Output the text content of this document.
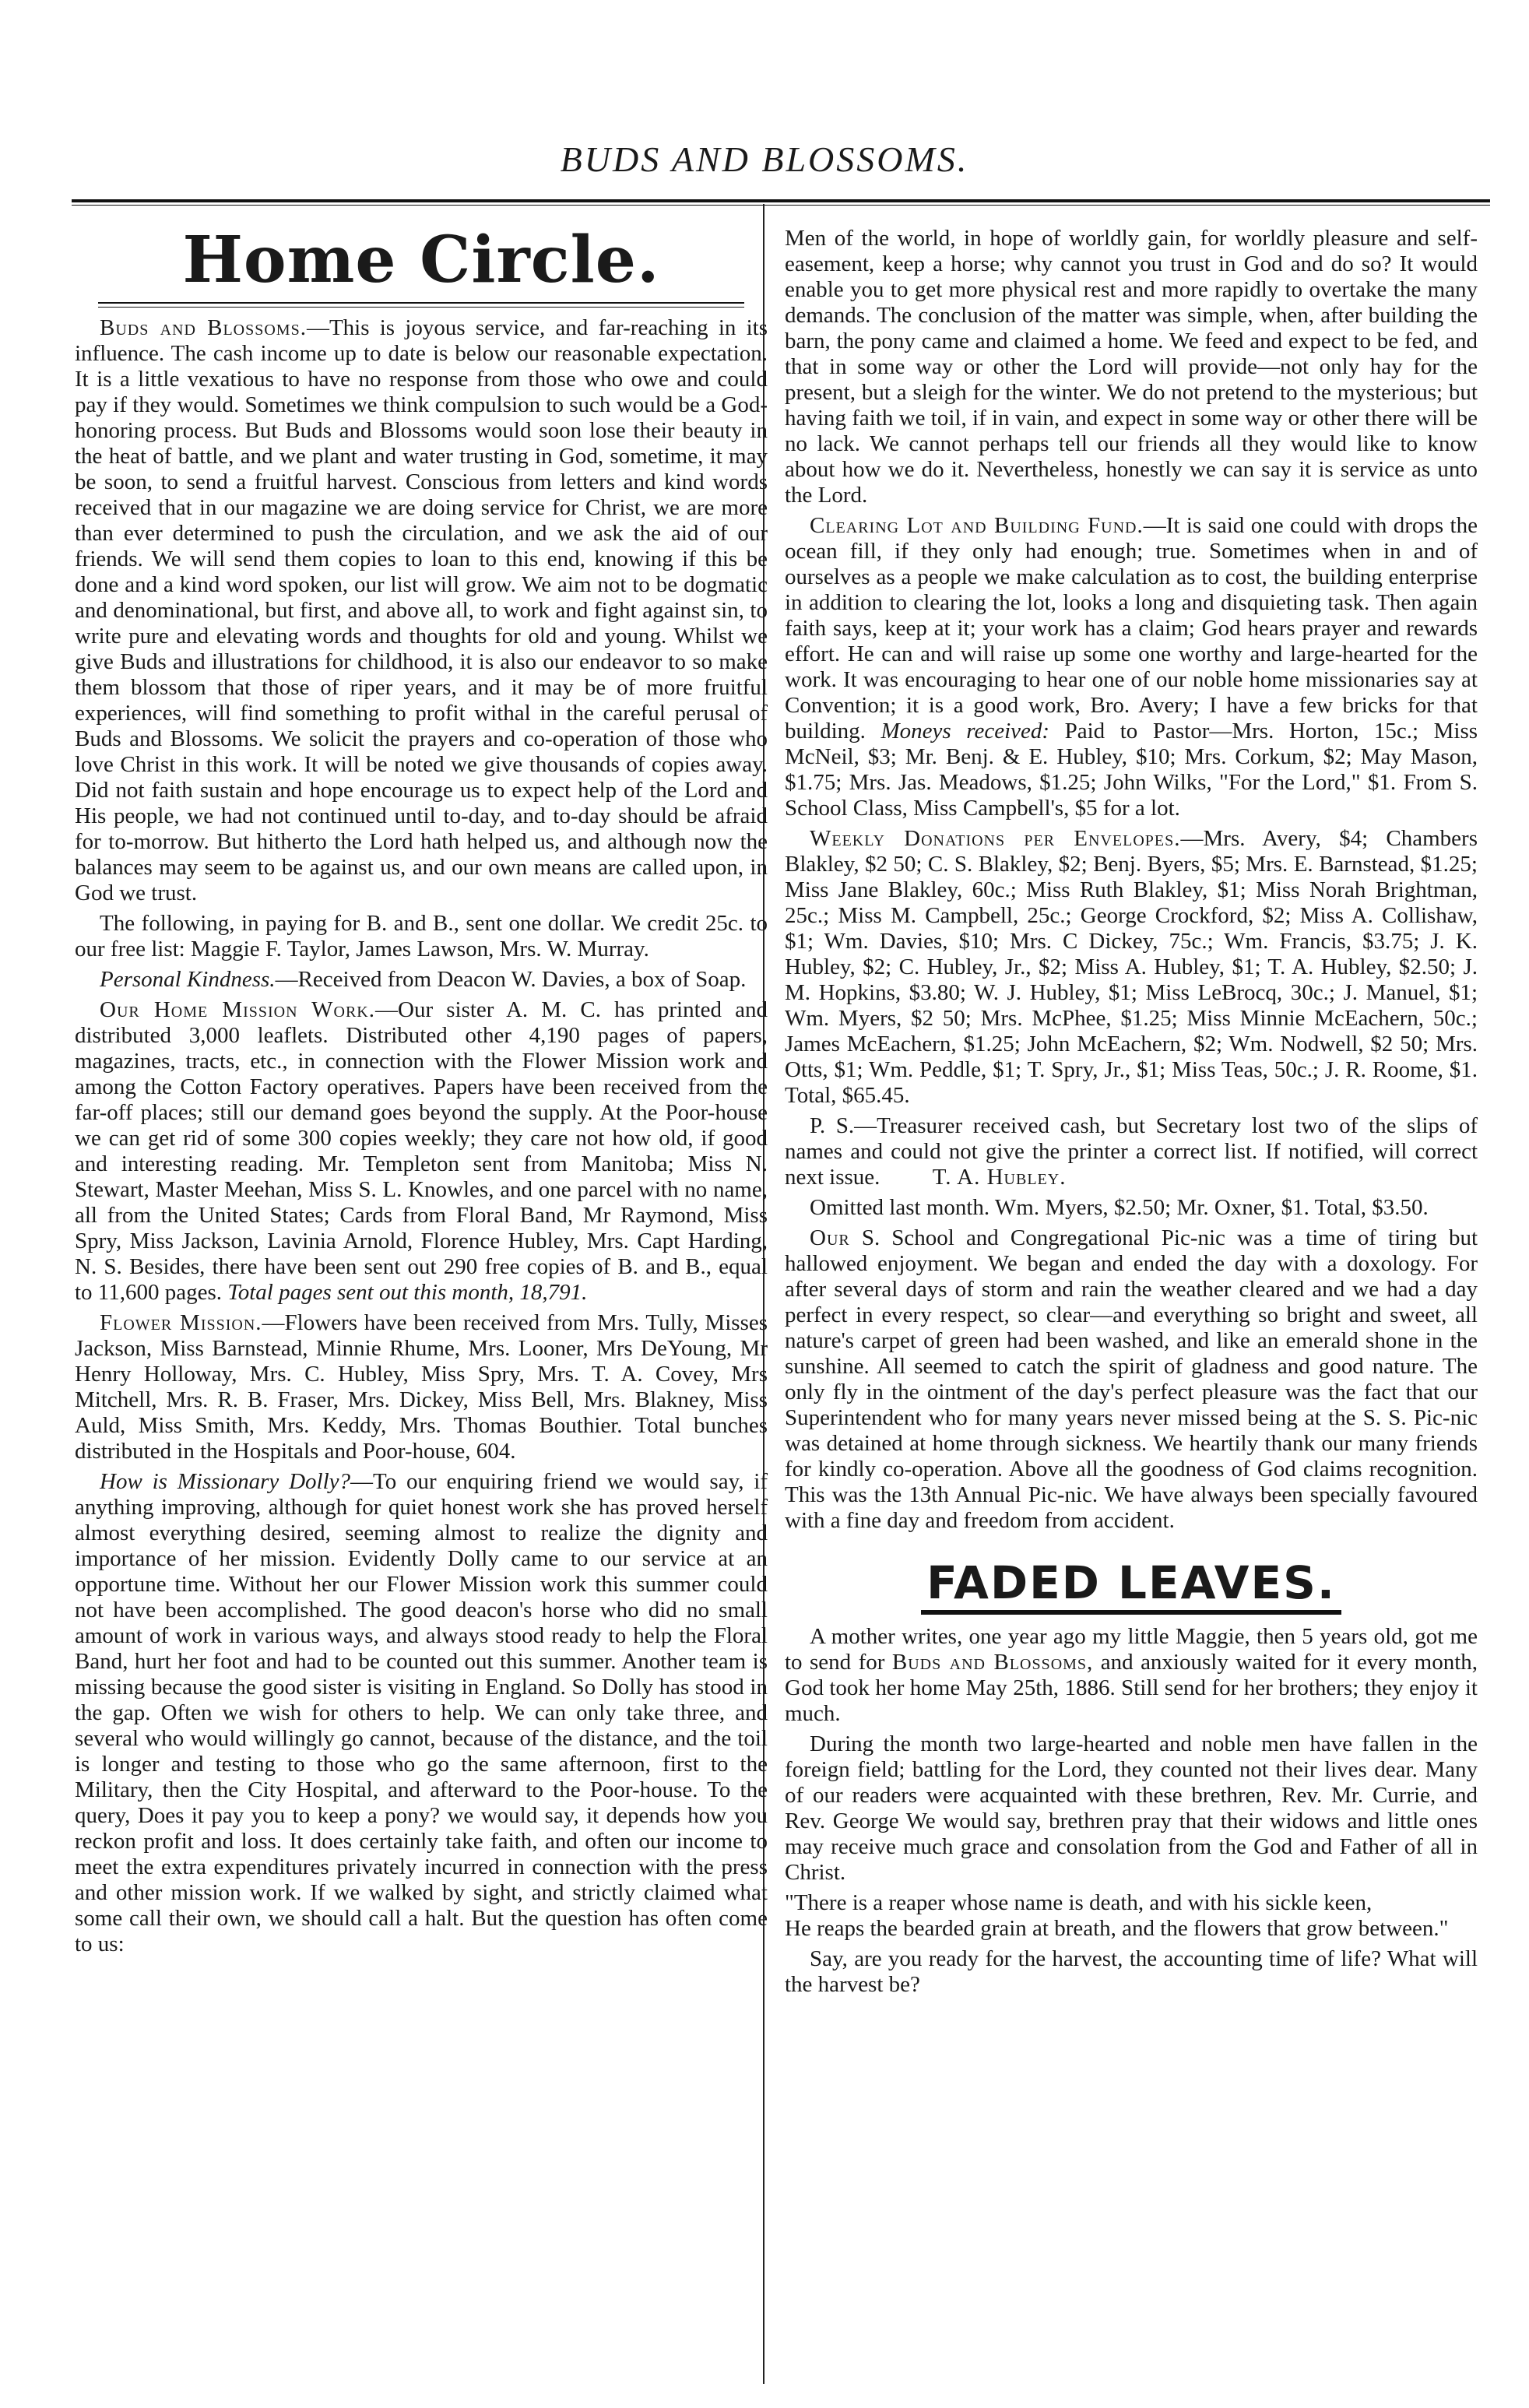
BUDS AND BLOSSOMS.
Home Circle.

Buds and Blossoms.—This is joyous service, and far-reaching in its influence. The cash income up to date is below our reasonable expectation. It is a little vexatious to have no response from those who owe and could pay if they would. Sometimes we think compulsion to such would be a God-honoring process. But Buds and Blossoms would soon lose their beauty in the heat of battle, and we plant and water trusting in God, sometime, it may be soon, to send a fruitful harvest. Conscious from letters and kind words received that in our magazine we are doing service for Christ, we are more than ever determined to push the circulation, and we ask the aid of our friends. We will send them copies to loan to this end, knowing if this be done and a kind word spoken, our list will grow. We aim not to be dogmatic and denominational, but first, and above all, to work and fight against sin, to write pure and elevating words and thoughts for old and young. Whilst we give Buds and illustrations for childhood, it is also our endeavor to so make them blossom that those of riper years, and it may be of more fruitful experiences, will find something to profit withal in the careful perusal of Buds and Blossoms. We solicit the prayers and co-operation of those who love Christ in this work. It will be noted we give thousands of copies away. Did not faith sustain and hope encourage us to expect help of the Lord and His people, we had not continued until to-day, and to-day should be afraid for to-morrow. But hitherto the Lord hath helped us, and although now the balances may seem to be against us, and our own means are called upon, in God we trust.

The following, in paying for B. and B., sent one dollar. We credit 25c. to our free list: Maggie F. Taylor, James Lawson, Mrs. W. Murray.

Personal Kindness.—Received from Deacon W. Davies, a box of Soap.

Our Home Mission Work.—Our sister A. M. C. has printed and distributed 3,000 leaflets. Distributed other 4,190 pages of papers, magazines, tracts, etc., in connection with the Flower Mission work and among the Cotton Factory operatives. Papers have been received from the far-off places; still our demand goes beyond the supply. At the Poor-house we can get rid of some 300 copies weekly; they care not how old, if good and interesting reading. Mr. Templeton sent from Manitoba; Miss N. Stewart, Master Meehan, Miss S. L. Knowles, and one parcel with no name, all from the United States; Cards from Floral Band, Mr Raymond, Miss Spry, Miss Jackson, Lavinia Arnold, Florence Hubley, Mrs. Capt Harding, N. S. Besides, there have been sent out 290 free copies of B. and B., equal to 11,600 pages. Total pages sent out this month, 18,791.

Flower Mission.—Flowers have been received from Mrs. Tully, Misses Jackson, Miss Barnstead, Minnie Rhume, Mrs. Looner, Mrs DeYoung, Mr Henry Holloway, Mrs. C. Hubley, Miss Spry, Mrs. T. A. Covey, Mrs Mitchell, Mrs. R. B. Fraser, Mrs. Dickey, Miss Bell, Mrs. Blakney, Miss Auld, Miss Smith, Mrs. Keddy, Mrs. Thomas Bouthier. Total bunches distributed in the Hospitals and Poor-house, 604.

How is Missionary Dolly?—To our enquiring friend we would say, if anything improving, although for quiet honest work she has proved herself almost everything desired, seeming almost to realize the dignity and importance of her mission. Evidently Dolly came to our service at an opportune time. Without her our Flower Mission work this summer could not have been accomplished. The good deacon's horse who did no small amount of work in various ways, and always stood ready to help the Floral Band, hurt her foot and had to be counted out this summer. Another team is missing because the good sister is visiting in England. So Dolly has stood in the gap. Often we wish for others to help. We can only take three, and several who would willingly go cannot, because of the distance, and the toil is longer and testing to those who go the same afternoon, first to the Military, then the City Hospital, and afterward to the Poor-house. To the query, Does it pay you to keep a pony? we would say, it depends how you reckon profit and loss. It does certainly take faith, and often our income to meet the extra expenditures privately incurred in connection with the press and other mission work. If we walked by sight, and strictly claimed what some call their own, we should call a halt. But the question has often come to us:

Men of the world, in hope of worldly gain, for worldly pleasure and self-easement, keep a horse; why cannot you trust in God and do so? It would enable you to get more physical rest and more rapidly to overtake the many demands. The conclusion of the matter was simple, when, after building the barn, the pony came and claimed a home. We feed and expect to be fed, and that in some way or other the Lord will provide—not only hay for the present, but a sleigh for the winter. We do not pretend to the mysterious; but having faith we toil, if in vain, and expect in some way or other there will be no lack. We cannot perhaps tell our friends all they would like to know about how we do it. Nevertheless, honestly we can say it is service as unto the Lord.

Clearing Lot and Building Fund.—It is said one could with drops the ocean fill, if they only had enough; true. Sometimes when in and of ourselves as a people we make calculation as to cost, the building enterprise in addition to clearing the lot, looks a long and disquieting task. Then again faith says, keep at it; your work has a claim; God hears prayer and rewards effort. He can and will raise up some one worthy and large-hearted for the work. It was encouraging to hear one of our noble home missionaries say at Convention; it is a good work, Bro. Avery; I have a few bricks for that building. Moneys received: Paid to Pastor—Mrs. Horton, 15c.; Miss McNeil, $3; Mr. Benj. & E. Hubley, $10; Mrs. Corkum, $2; May Mason, $1.75; Mrs. Jas. Meadows, $1.25; John Wilks, "For the Lord," $1. From S. School Class, Miss Campbell's, $5 for a lot.

Weekly Donations per Envelopes.—Mrs. Avery, $4; Chambers Blakley, $2 50; C. S. Blakley, $2; Benj. Byers, $5; Mrs. E. Barnstead, $1.25; Miss Jane Blakley, 60c.; Miss Ruth Blakley, $1; Miss Norah Brightman, 25c.; Miss M. Campbell, 25c.; George Crockford, $2; Miss A. Collishaw, $1; Wm. Davies, $10; Mrs. C Dickey, 75c.; Wm. Francis, $3.75; J. K. Hubley, $2; C. Hubley, Jr., $2; Miss A. Hubley, $1; T. A. Hubley, $2.50; J. M. Hopkins, $3.80; W. J. Hubley, $1; Miss LeBrocq, 30c.; J. Manuel, $1; Wm. Myers, $2 50; Mrs. McPhee, $1.25; Miss Minnie McEachern, 50c.; James McEachern, $1.25; John McEachern, $2; Wm. Nodwell, $2 50; Mrs. Otts, $1; Wm. Peddle, $1; T. Spry, Jr., $1; Miss Teas, 50c.; J. R. Roome, $1. Total, $65.45.

P. S.—Treasurer received cash, but Secretary lost two of the slips of names and could not give the printer a correct list. If notified, will correct next issue. T. A. Hubley.

Omitted last month. Wm. Myers, $2.50; Mr. Oxner, $1. Total, $3.50.

Our S. School and Congregational Pic-nic was a time of tiring but hallowed enjoyment. We began and ended the day with a doxology. For after several days of storm and rain the weather cleared and we had a day perfect in every respect, so clear—and everything so bright and sweet, all nature's carpet of green had been washed, and like an emerald shone in the sunshine. All seemed to catch the spirit of gladness and good nature. The only fly in the ointment of the day's perfect pleasure was the fact that our Superintendent who for many years never missed being at the S. S. Pic-nic was detained at home through sickness. We heartily thank our many friends for kindly co-operation. Above all the goodness of God claims recognition. This was the 13th Annual Pic-nic. We have always been specially favoured with a fine day and freedom from accident.

FADED LEAVES.

A mother writes, one year ago my little Maggie, then 5 years old, got me to send for Buds and Blossoms, and anxiously waited for it every month, God took her home May 25th, 1886. Still send for her brothers; they enjoy it much.

During the month two large-hearted and noble men have fallen in the foreign field; battling for the Lord, they counted not their lives dear. Many of our readers were acquainted with these brethren, Rev. Mr. Currie, and Rev. George We would say, brethren pray that their widows and little ones may receive much grace and consolation from the God and Father of all in Christ.

"There is a reaper whose name is death, and with his sickle keen,
He reaps the bearded grain at breath, and the flowers that grow between."

Say, are you ready for the harvest, the accounting time of life? What will the harvest be?
